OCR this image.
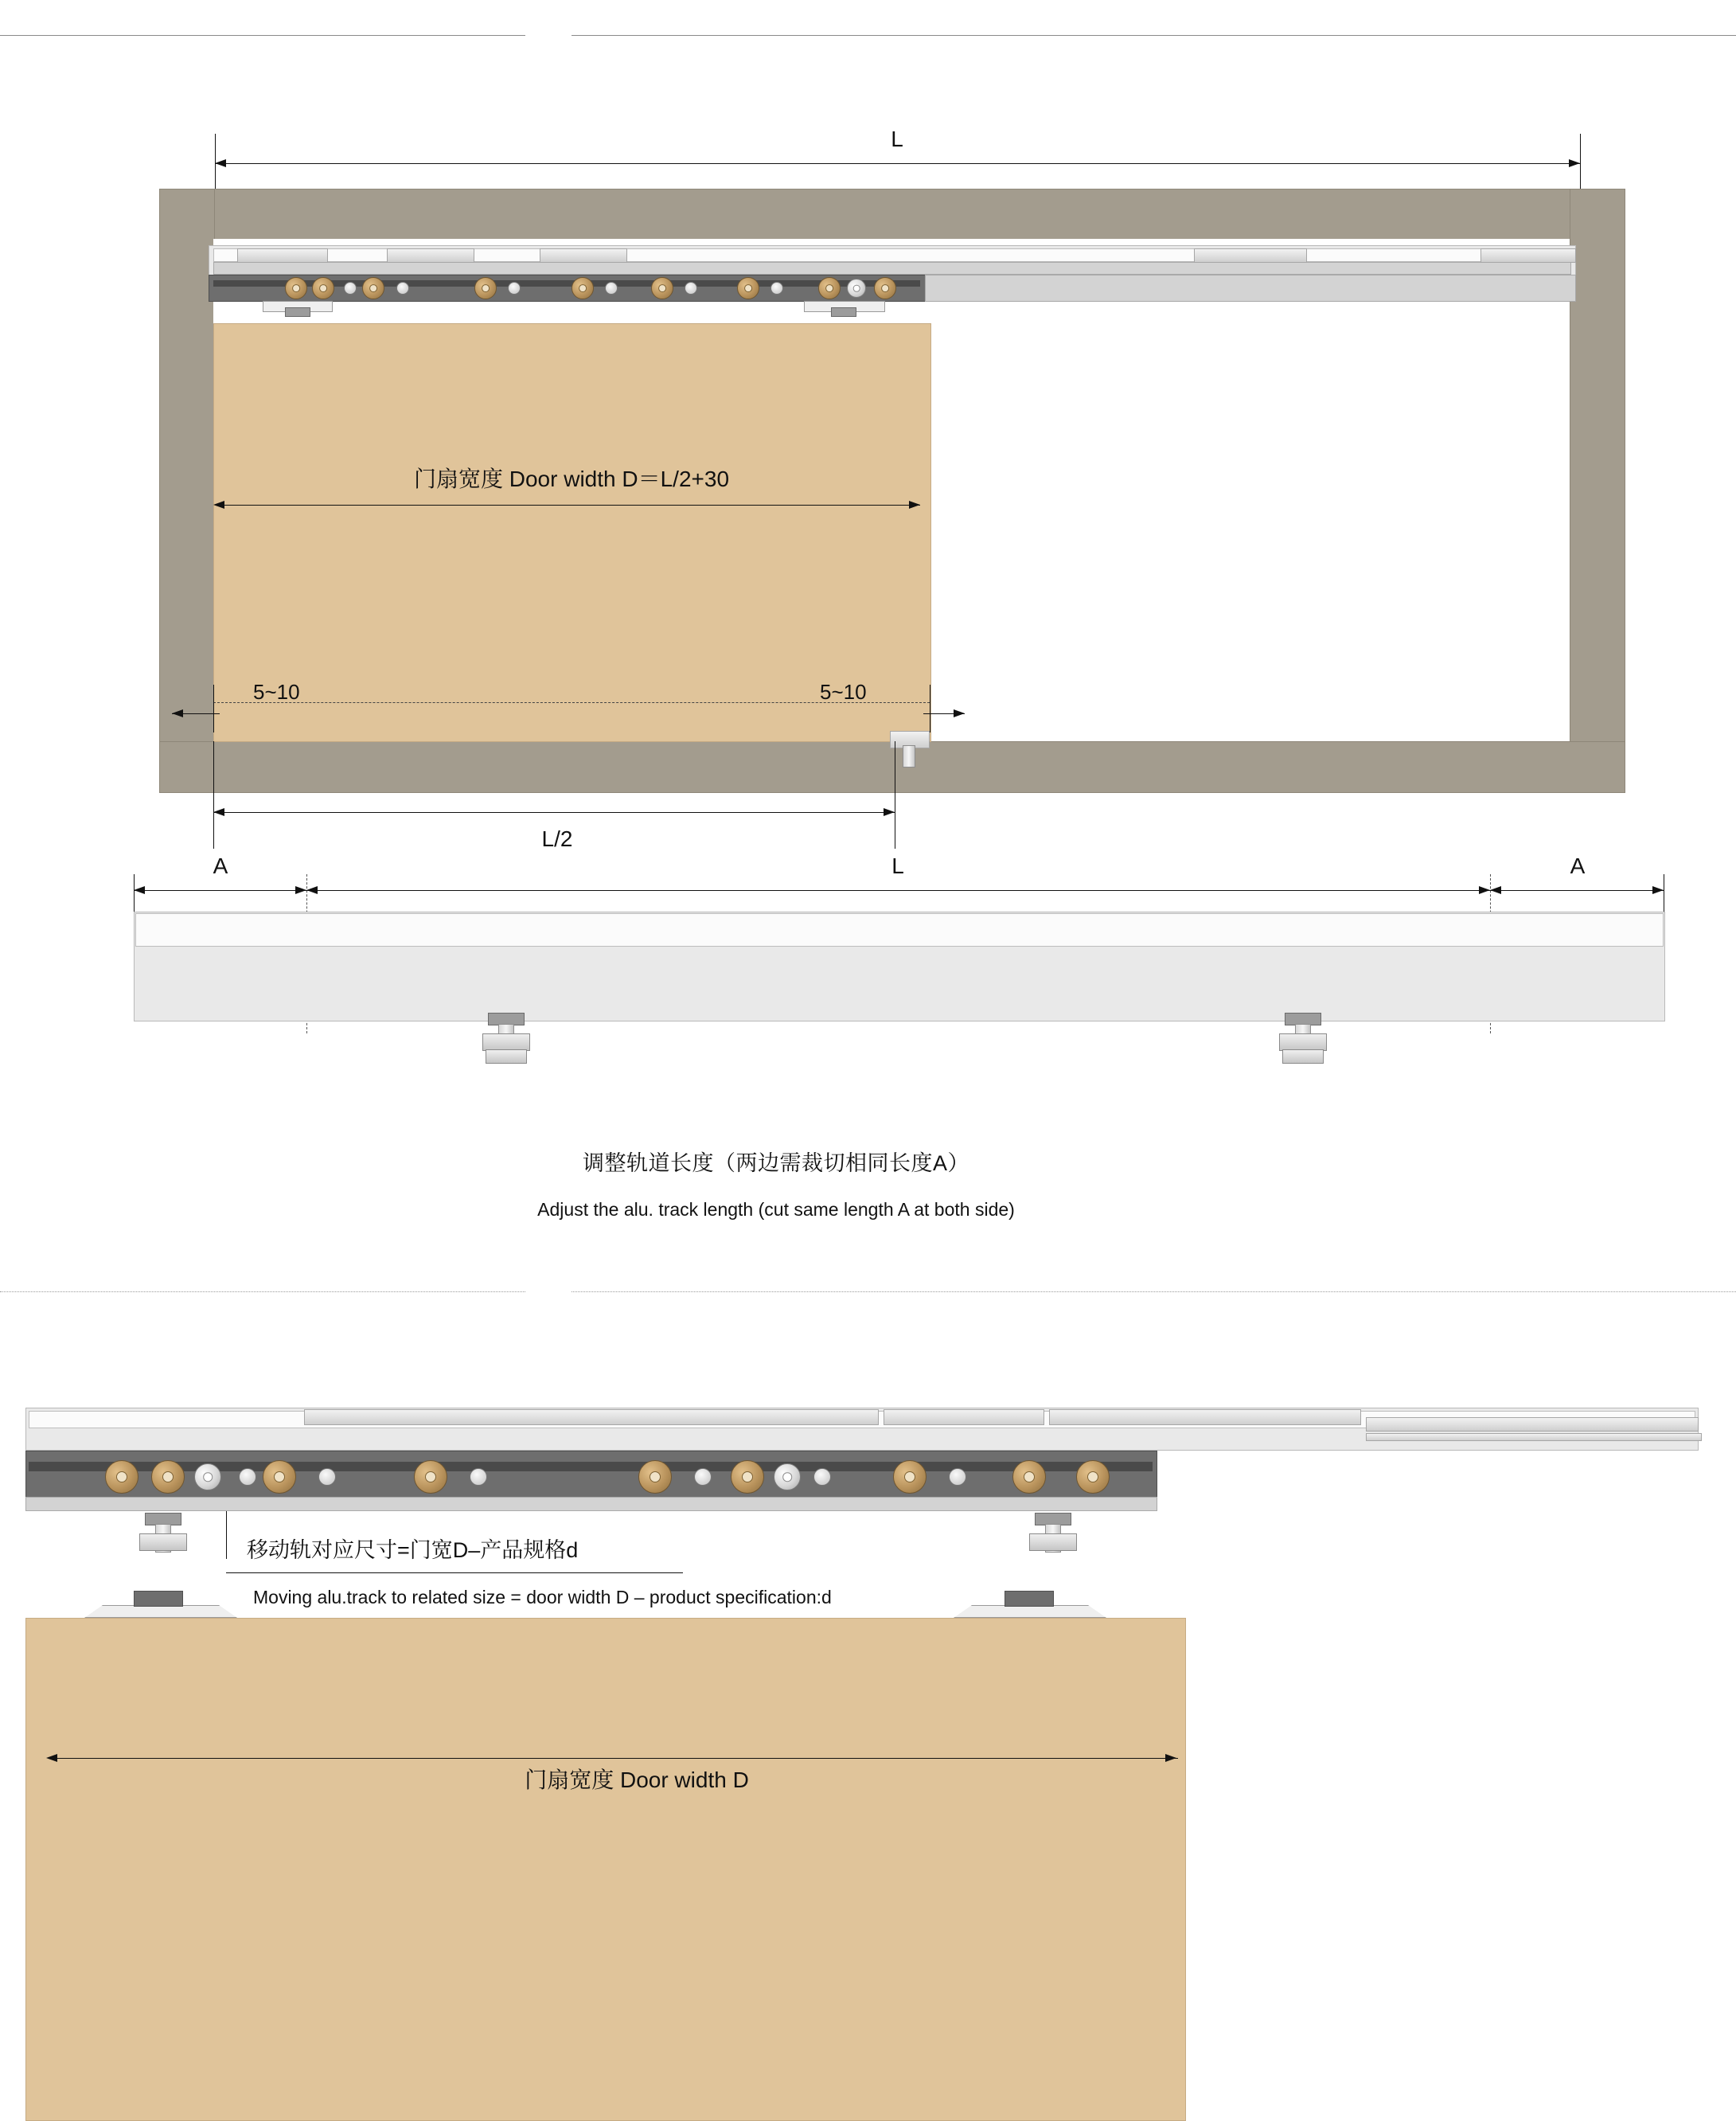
L
门扇宽度 Door width D＝L/2+30
5~10	5~10
L/2
A	L	A
调整轨道长度（两边需裁切相同长度A）
Adjust the alu. track length (cut same length A at both side)
移动轨对应尺寸=门宽D–产品规格d
Moving alu.track to related size = door width D – product specification:d
门扇宽度 Door width D
